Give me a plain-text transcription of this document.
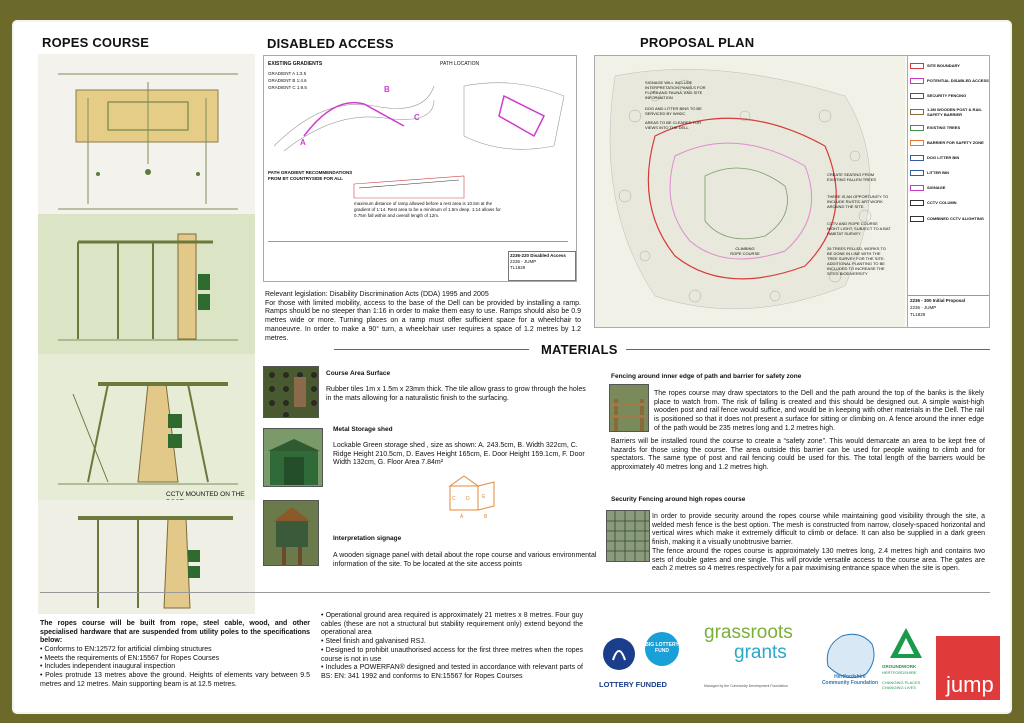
ROPES COURSE	DISABLED ACCESS	PROPOSAL PLAN
CCTV MOUNTED ON THE
EXISTING GRADIENTS
GRADIENT A 1:3.5
GRADIENT B 1:4.6
GRADIENT C 1:9.5
PATH LOCATION
A
B
C
PATH GRADIENT RECOMMENDATIONS FROM BT COUNTRYSIDE FOR ALL
maximum distance of ramp allowed before a rest area is 10.5m at the gradient of 1:14. Rest area to be a minimum of 1.5m deep. 1:14 allows for 0.75m fall within and overall length of 12m.
2236-220 Disabled Access
2236 - JUMP
TL1829
Relevant legislation: Disability Discrimination Acts (DDA) 1995 and 2005
For those with limited mobility, access to the base of the Dell can be provided by installing a ramp. Ramps should be no steeper than 1:16 in order to make them easy to use. Ramps should also be 0.9 metres wide or more. Turning places on a ramp must offer sufficient space for a wheelchair to manoeuvre. In order to make a 90° turn, a wheelchair user requires a space of 1.2 metres by 1.2 metres.
SIGNAGE WILL INCLUDE INTERPRETATION PANELS FOR FLORA AND FAUNA, AND SITE INFORMATION
DOG AND LITTER BINS TO BE SERVICED BY WHDC
AREAS TO BE CLEARED FOR VIEWS INTO THE DELL
CREATE SEATING FROM EXISTING FALLEN TREES
THERE IS AN OPPORTUNITY TO INCLUDE RUSTIC ART WORK AROUND THE SITE.
CCTV AND ROPE COURSE NIGHT LIGHT, SUBJECT TO A BAT HABITAT SURVEY
26 TREES FELLED, WORKS TO BE DONE IN LINE WITH THE TREE SURVEY FOR THE SITE. ADDITIONAL PLANTING TO BE INCLUDED TO INCREASE THE SITES BIODIVERSITY
CLIMBING ROPE COURSE
SITE BOUNDARY
POTENTIAL DISABLED ACCESS
SECURITY FENCING
1.2M WOODEN POST & RAIL SAFETY BARRIER
EXISTING TREES
BARRIER FOR SAFETY ZONE
DOG LITTER BIN
LITTER BIN
SIGNAGE
CCTV COLUMN
COMBINED CCTV &LIGHTING
2236 - 300 Initial Proposal
2236 - JUMP
TL1829
MATERIALS
Course Area Surface
Rubber tiles 1m x 1.5m x 23mm thick. The tile allow grass to grow through the holes in the mats allowing for a naturalistic finish to the surfacing.
Metal Storage shed
Lockable Green storage shed , size as shown: A. 243.5cm, B. Width 322cm, C. Ridge Height 210.5cm, D. Eaves Height 165cm, E. Door Height 159.1cm, F. Door Width 132cm, G. Floor Area 7.84m²
C D E
A	B
Interpretation signage
A wooden signage panel with detail about the rope course and various environmental information of the site. To be located at the site access points
Fencing around inner edge of path and barrier for safety zone
The ropes course may draw spectators to the Dell and the path around the top of the banks is the likely place to watch from. The risk of falling is created and this should be designed out. A simple waist-high wooden post and rail fence would suffice, and would be in keeping with other materials in the Dell. The rail is positioned so that it does not present a surface for sitting or climbing on. A fence around the inner edge of the path would be 235 metres long and 1.2 metres high.
Barriers will be installed round the course to create a “safety zone”. This would demarcate an area to be kept free of hazards for those using the course. The area outside this barrier can be used for people waiting to climb and for spectators. The same type of post and rail fencing could be used for this. The total length of the barriers would be approximately 40 metres long and 1.2 metres high.
Security Fencing around high ropes course
In order to provide security around the ropes course while maintaining good visibility through the site, a welded mesh fence is the best option. The mesh is constructed from narrow, closely-spaced horizontal and vertical wires which make it extremely difficult to climb or deface. It can also be supplied in a dark green finish, making it a visually unobtrusive barrier.
The fence around the ropes course is approximately 130 metres long, 2.4 metres high and contains two sets of double gates and one single. This will provide versatile access to the course area. The gates are each 2 metres so 4 metres respectively for a pair maximising entrance space when the site is open.
The ropes course will be built from rope, steel cable, wood, and other specialised hardware that are suspended from utility poles to the specifications below:
• Conforms to EN:12572 for artificial climbing structures
• Meets the requirements of EN:15567 for Ropes Courses
• Includes independent inaugural inspection
• Poles protrude 13 metres above the ground. Heights of elements vary between 9.5 metres and 12 metres. Main supporting beam is at 12.5 metres.
• Operational ground area required is approximately 21 metres x 8 metres. Four guy cables (these are not a structural but stability requirement only) extend beyond the operational area
• Steel finish and galvanised RSJ.
• Designed to prohibit unauthorised access for the first three metres when the ropes course is not in use
• Includes a POWERFAN® designed and tested in accordance with relevant parts of BS: EN: 341 1992 and conforms to EN:15567 for Ropes Courses
BIG LOTTERY FUND
LOTTERY FUNDED
grassroots
grants
Managed by the Community Development Foundation
Hertfordshire Community Foundation
GROUNDWORK
HERTFORDSHIRE
CHANGING PLACES CHANGING LIVES	jump
